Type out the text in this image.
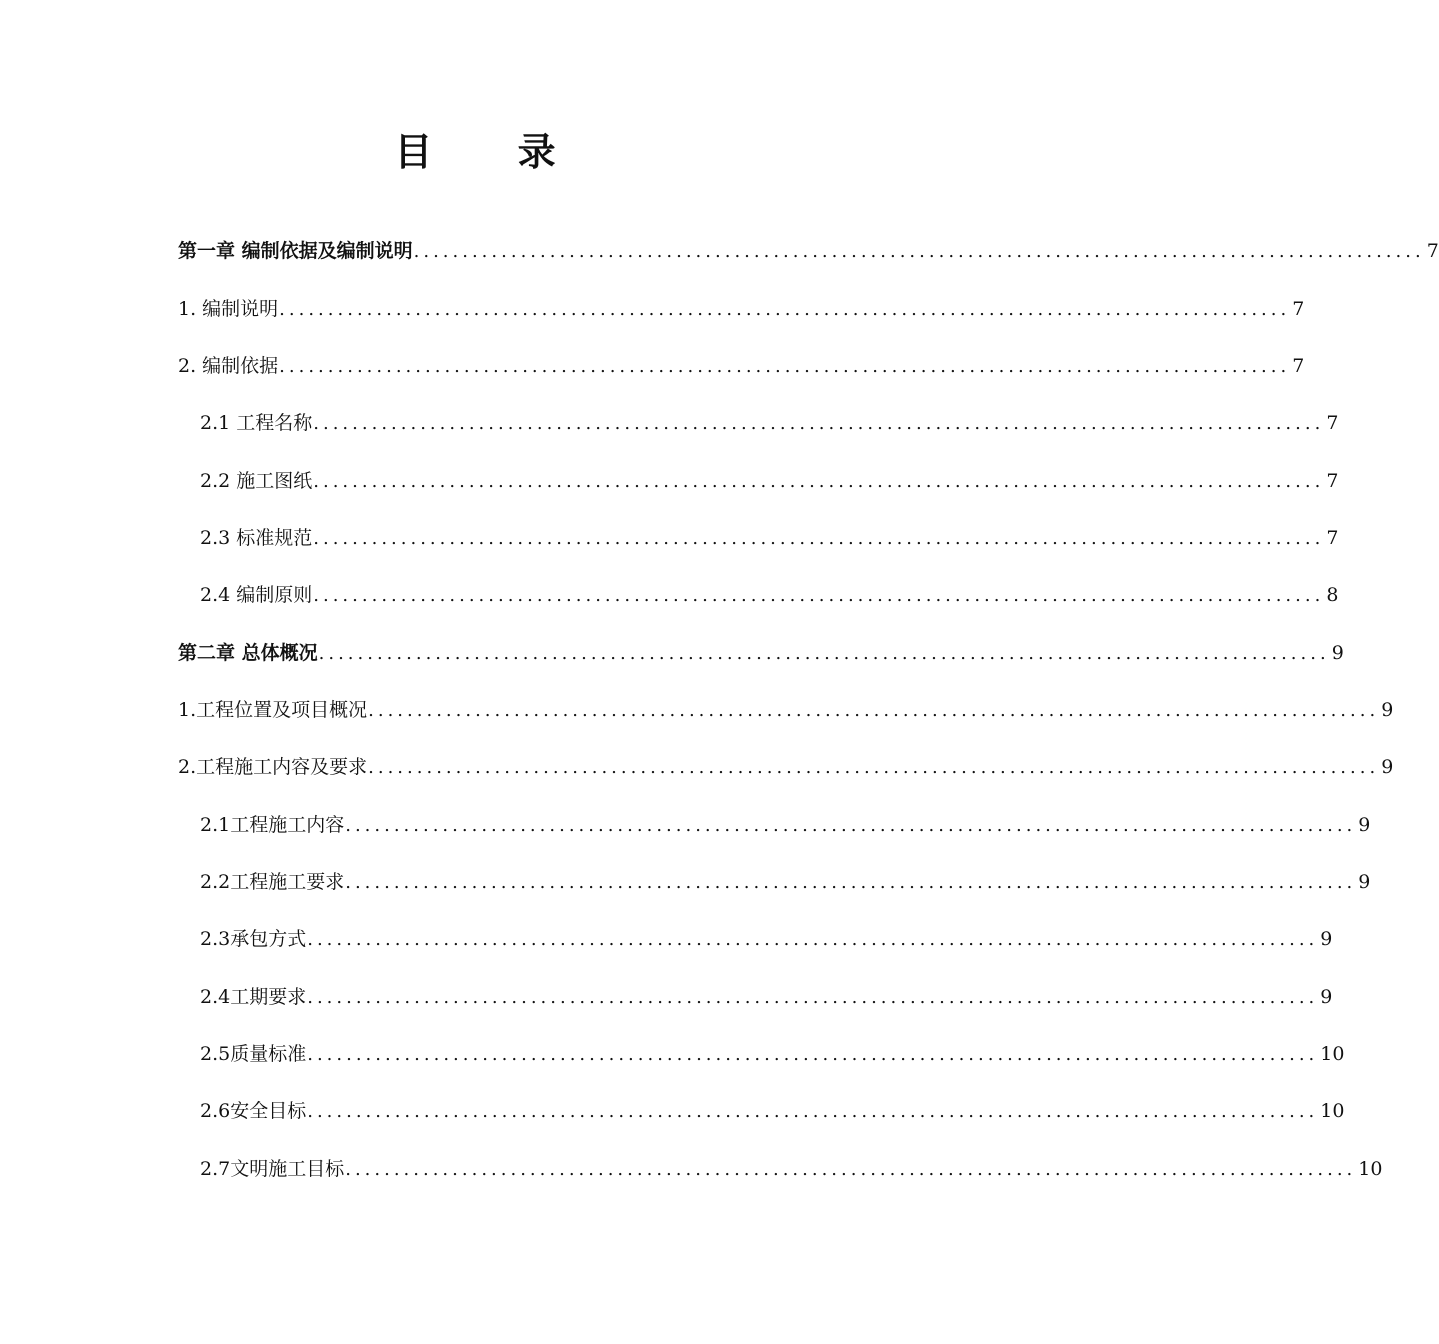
目 录
第一章 编制依据及编制说明 ........................................................................................................ 7
1. 编制说明 ........................................................................................................ 7
2. 编制依据 ........................................................................................................ 7
2.1 工程名称 ........................................................................................................ 7
2.2 施工图纸 ........................................................................................................ 7
2.3 标准规范 ........................................................................................................ 7
2.4 编制原则 ........................................................................................................ 8
第二章 总体概况 ........................................................................................................ 9
1.工程位置及项目概况 ........................................................................................................ 9
2.工程施工内容及要求 ........................................................................................................ 9
2.1工程施工内容 ........................................................................................................ 9
2.2工程施工要求 ........................................................................................................ 9
2.3承包方式 ........................................................................................................ 9
2.4工期要求 ........................................................................................................ 9
2.5质量标准 ........................................................................................................ 10
2.6安全目标 ........................................................................................................ 10
2.7文明施工目标 ........................................................................................................ 10
